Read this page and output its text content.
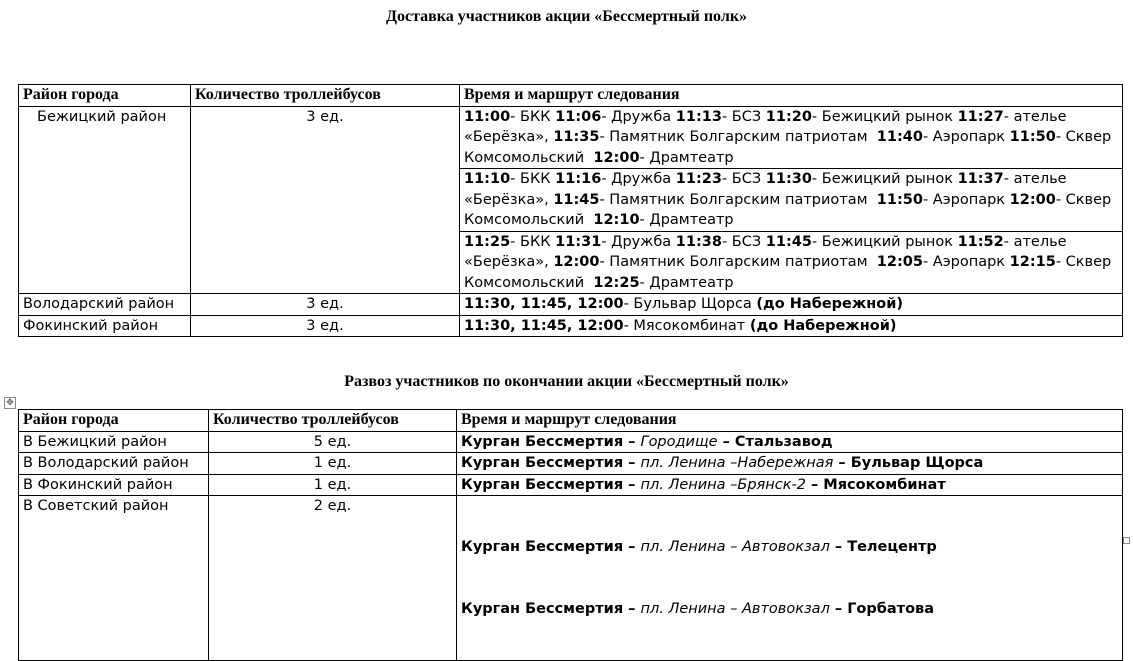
Доставка участников акции «Бессмертный полк»
Район города	Количество троллейбусов	Время и маршрут следования
Бежицкий район	3 ед.	11:00- БКК 11:06- Дружба 11:13- БСЗ 11:20- Бежицкий рынок 11:27- ателье «Берёзка», 11:35- Памятник Болгарским патриотам  11:40- Аэропарк 11:50- Сквер Комсомольский  12:00- Драмтеатр
		11:10- БКК 11:16- Дружба 11:23- БСЗ 11:30- Бежицкий рынок 11:37- ателье «Берёзка», 11:45- Памятник Болгарским патриотам  11:50- Аэропарк 12:00- Сквер Комсомольский  12:10- Драмтеатр
		11:25- БКК 11:31- Дружба 11:38- БСЗ 11:45- Бежицкий рынок 11:52- ателье «Берёзка», 12:00- Памятник Болгарским патриотам  12:05- Аэропарк 12:15- Сквер Комсомольский  12:25- Драмтеатр
Володарский район	3 ед.	11:30, 11:45, 12:00- Бульвар Щорса (до Набережной)
Фокинский район	3 ед.	11:30, 11:45, 12:00- Мясокомбинат (до Набережной)
Развоз участников по окончании акции «Бессмертный полк»
✥
Район города	Количество троллейбусов	Время и маршрут следования
В Бежицкий район	5 ед.	Курган Бессмертия – Городище – Стальзавод
В Володарский район	1 ед.	Курган Бессмертия – пл. Ленина –Набережная – Бульвар Щорса
В Фокинский район	1 ед.	Курган Бессмертия – пл. Ленина –Брянск-2 – Мясокомбинат
В Советский район	2 ед.	Курган Бессмертия – пл. Ленина – Автовокзал – Телецентр

Курган Бессмертия – пл. Ленина – Автовокзал – Горбатова
